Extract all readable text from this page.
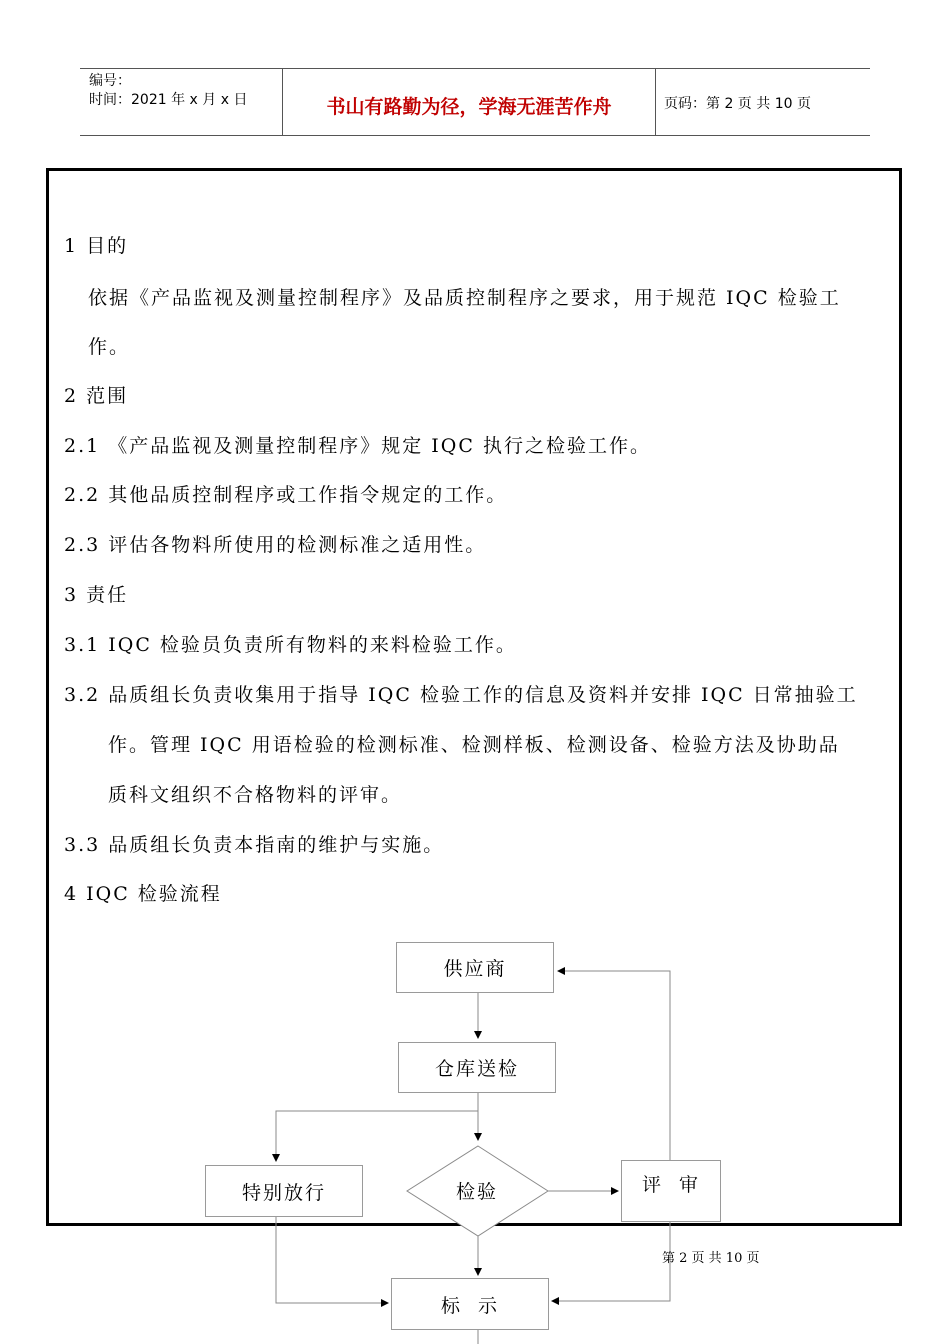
编号：
时间：2021 年 x 月 x 日	书山有路勤为径，学海无涯苦作舟	页码：第 2 页 共 10 页
1 目的
依据《产品监视及测量控制程序》及品质控制程序之要求，用于规范 IQC 检验工
作。
2 范围
2.1 《产品监视及测量控制程序》规定 IQC 执行之检验工作。
2.2 其他品质控制程序或工作指令规定的工作。
2.3 评估各物料所使用的检测标准之适用性。
3 责任
3.1 IQC 检验员负责所有物料的来料检验工作。
3.2 品质组长负责收集用于指导 IQC 检验工作的信息及资料并安排 IQC 日常抽验工
作。管理 IQC 用语检验的检测标准、检测样板、检测设备、检验方法及协助品
质科文组织不合格物料的评审。
3.3 品质组长负责本指南的维护与实施。
4 IQC 检验流程
供应商
仓库送检
特别放行	检验	评  审
标  示
第 2 页 共 10 页
